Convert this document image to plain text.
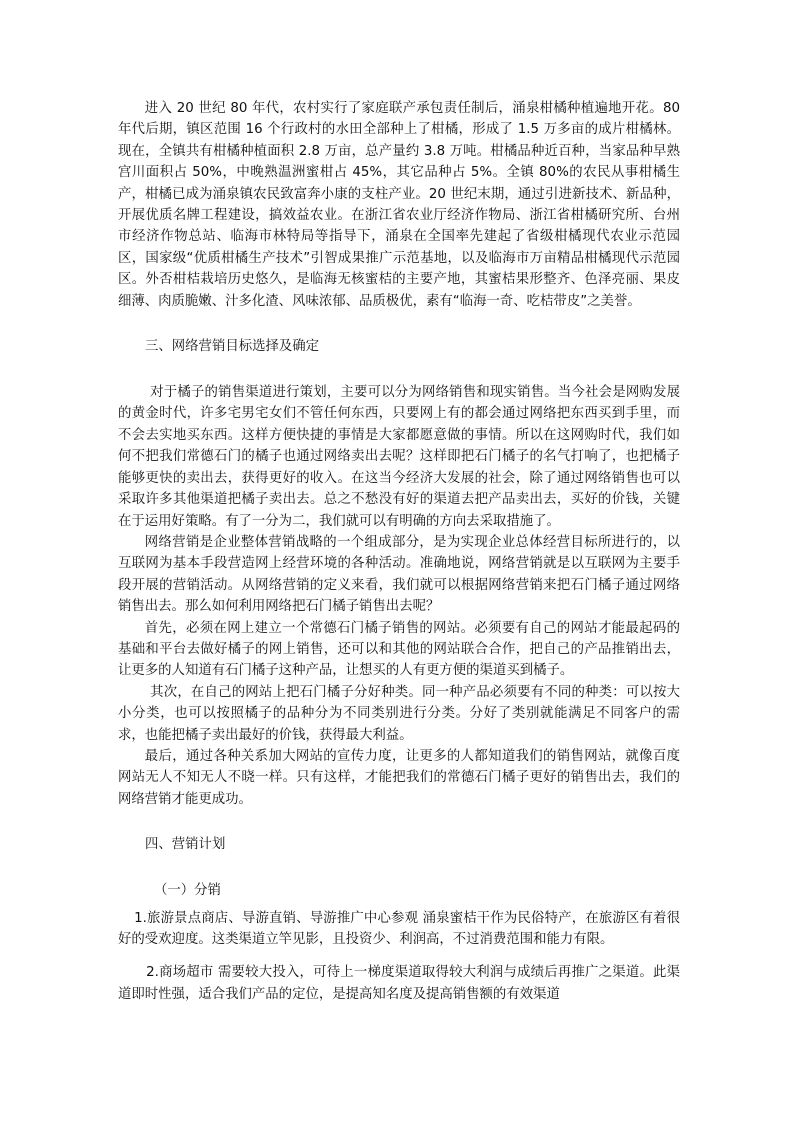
进入 20 世纪 80 年代，农村实行了家庭联产承包责任制后，涌泉柑橘种植遍地开花。80 年代后期，镇区范围 16 个行政村的水田全部种上了柑橘，形成了 1.5 万多亩的成片柑橘林。现在，全镇共有柑橘种植面积 2.8 万亩，总产量约 3.8 万吨。柑橘品种近百种，当家品种早熟宫川面积占 50%，中晚熟温洲蜜柑占 45%，其它品种占 5%。全镇 80%的农民从事柑橘生产，柑橘已成为涌泉镇农民致富奔小康的支柱产业。20 世纪末期，通过引进新技术、新品种，开展优质名牌工程建设，搞效益农业。在浙江省农业厅经济作物局、浙江省柑橘研究所、台州市经济作物总站、临海市林特局等指导下，涌泉在全国率先建起了省级柑橘现代农业示范园区，国家级“优质柑橘生产技术”引智成果推广示范基地，以及临海市万亩精品柑橘现代示范园区。外否柑桔栽培历史悠久，是临海无核蜜桔的主要产地，其蜜桔果形整齐、色泽亮丽、果皮细薄、肉质脆嫩、汁多化渣、风味浓郁、品质极优，素有“临海一奇、吃桔带皮”之美誉。

三、网络营销目标选择及确定

对于橘子的销售渠道进行策划，主要可以分为网络销售和现实销售。当今社会是网购发展的黄金时代，许多宅男宅女们不管任何东西，只要网上有的都会通过网络把东西买到手里，而不会去实地买东西。这样方便快捷的事情是大家都愿意做的事情。所以在这网购时代，我们如何不把我们常德石门的橘子也通过网络卖出去呢？这样即把石门橘子的名气打响了，也把橘子能够更快的卖出去，获得更好的收入。在这当今经济大发展的社会，除了通过网络销售也可以采取许多其他渠道把橘子卖出去。总之不愁没有好的渠道去把产品卖出去，买好的价钱，关键在于运用好策略。有了一分为二，我们就可以有明确的方向去采取措施了。

网络营销是企业整体营销战略的一个组成部分，是为实现企业总体经营目标所进行的，以互联网为基本手段营造网上经营环境的各种活动。准确地说，网络营销就是以互联网为主要手段开展的营销活动。从网络营销的定义来看，我们就可以根据网络营销来把石门橘子通过网络销售出去。那么如何利用网络把石门橘子销售出去呢？

首先，必须在网上建立一个常德石门橘子销售的网站。必须要有自己的网站才能最起码的基础和平台去做好橘子的网上销售，还可以和其他的网站联合合作，把自己的产品推销出去，让更多的人知道有石门橘子这种产品，让想买的人有更方便的渠道买到橘子。

其次，在自己的网站上把石门橘子分好种类。同一种产品必须要有不同的种类：可以按大小分类，也可以按照橘子的品种分为不同类别进行分类。分好了类别就能满足不同客户的需求，也能把橘子卖出最好的价钱，获得最大利益。

最后，通过各种关系加大网站的宣传力度，让更多的人都知道我们的销售网站，就像百度网站无人不知无人不晓一样。只有这样，才能把我们的常德石门橘子更好的销售出去，我们的网络营销才能更成功。

四、营销计划

（一）分销

1.旅游景点商店、导游直销、导游推广中心参观 涌泉蜜桔干作为民俗特产，在旅游区有着很好的受欢迎度。这类渠道立竿见影，且投资少、利润高，不过消费范围和能力有限。

2.商场超市 需要较大投入，可待上一梯度渠道取得较大利润与成绩后再推广之渠道。此渠道即时性强，适合我们产品的定位，是提高知名度及提高销售额的有效渠道
